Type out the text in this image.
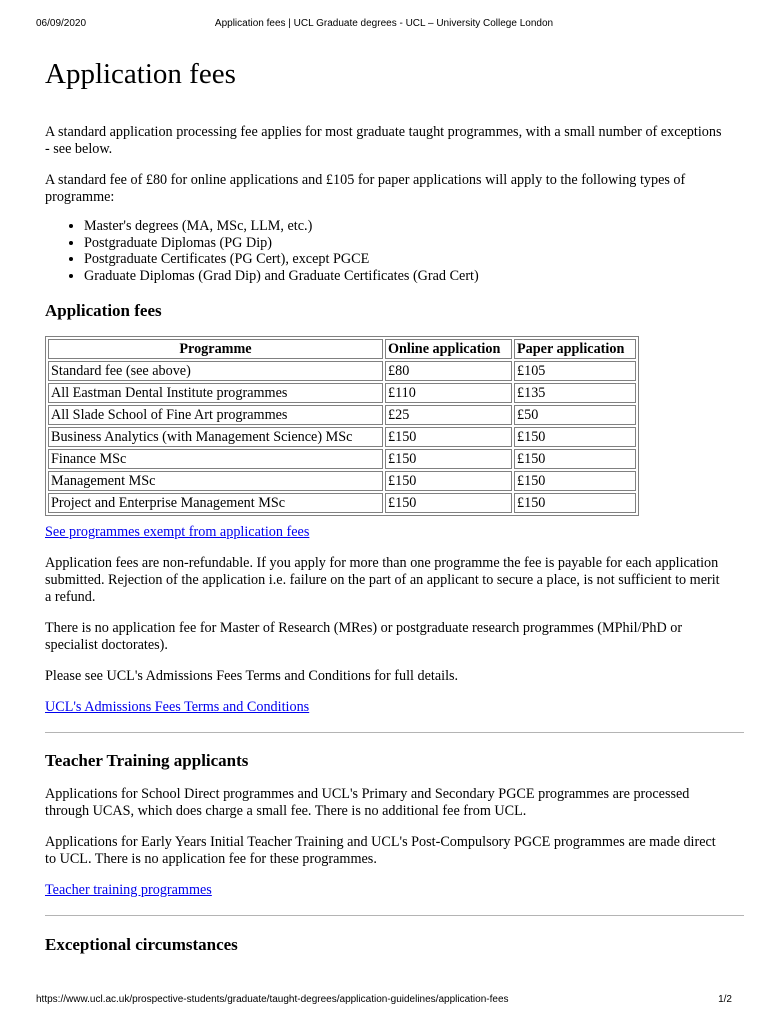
06/09/2020	Application fees | UCL Graduate degrees - UCL – University College London
Application fees

A standard application processing fee applies for most graduate taught programmes, with a small number of exceptions - see below.

A standard fee of £80 for online applications and £105 for paper applications will apply to the following types of programme:

• Master's degrees (MA, MSc, LLM, etc.)
• Postgraduate Diplomas (PG Dip)
• Postgraduate Certificates (PG Cert), except PGCE
• Graduate Diplomas (Grad Dip) and Graduate Certificates (Grad Cert)
Application fees
Programme	Online application	Paper application
Standard fee (see above)	£80	£105
All Eastman Dental Institute programmes	£110	£135
All Slade School of Fine Art programmes	£25	£50
Business Analytics (with Management Science) MSc	£150	£150
Finance MSc	£150	£150
Management MSc	£150	£150
Project and Enterprise Management MSc	£150	£150

See programmes exempt from application fees

Application fees are non-refundable. If you apply for more than one programme the fee is payable for each application submitted. Rejection of the application i.e. failure on the part of an applicant to secure a place, is not sufficient to merit a refund.

There is no application fee for Master of Research (MRes) or postgraduate research programmes (MPhil/PhD or specialist doctorates).

Please see UCL's Admissions Fees Terms and Conditions for full details.

UCL's Admissions Fees Terms and Conditions

Teacher Training applicants

Applications for School Direct programmes and UCL's Primary and Secondary PGCE programmes are processed through UCAS, which does charge a small fee. There is no additional fee from UCL.

Applications for Early Years Initial Teacher Training and UCL's Post-Compulsory PGCE programmes are made direct to UCL. There is no application fee for these programmes.

Teacher training programmes

Exceptional circumstances
https://www.ucl.ac.uk/prospective-students/graduate/taught-degrees/application-guidelines/application-fees	1/2
